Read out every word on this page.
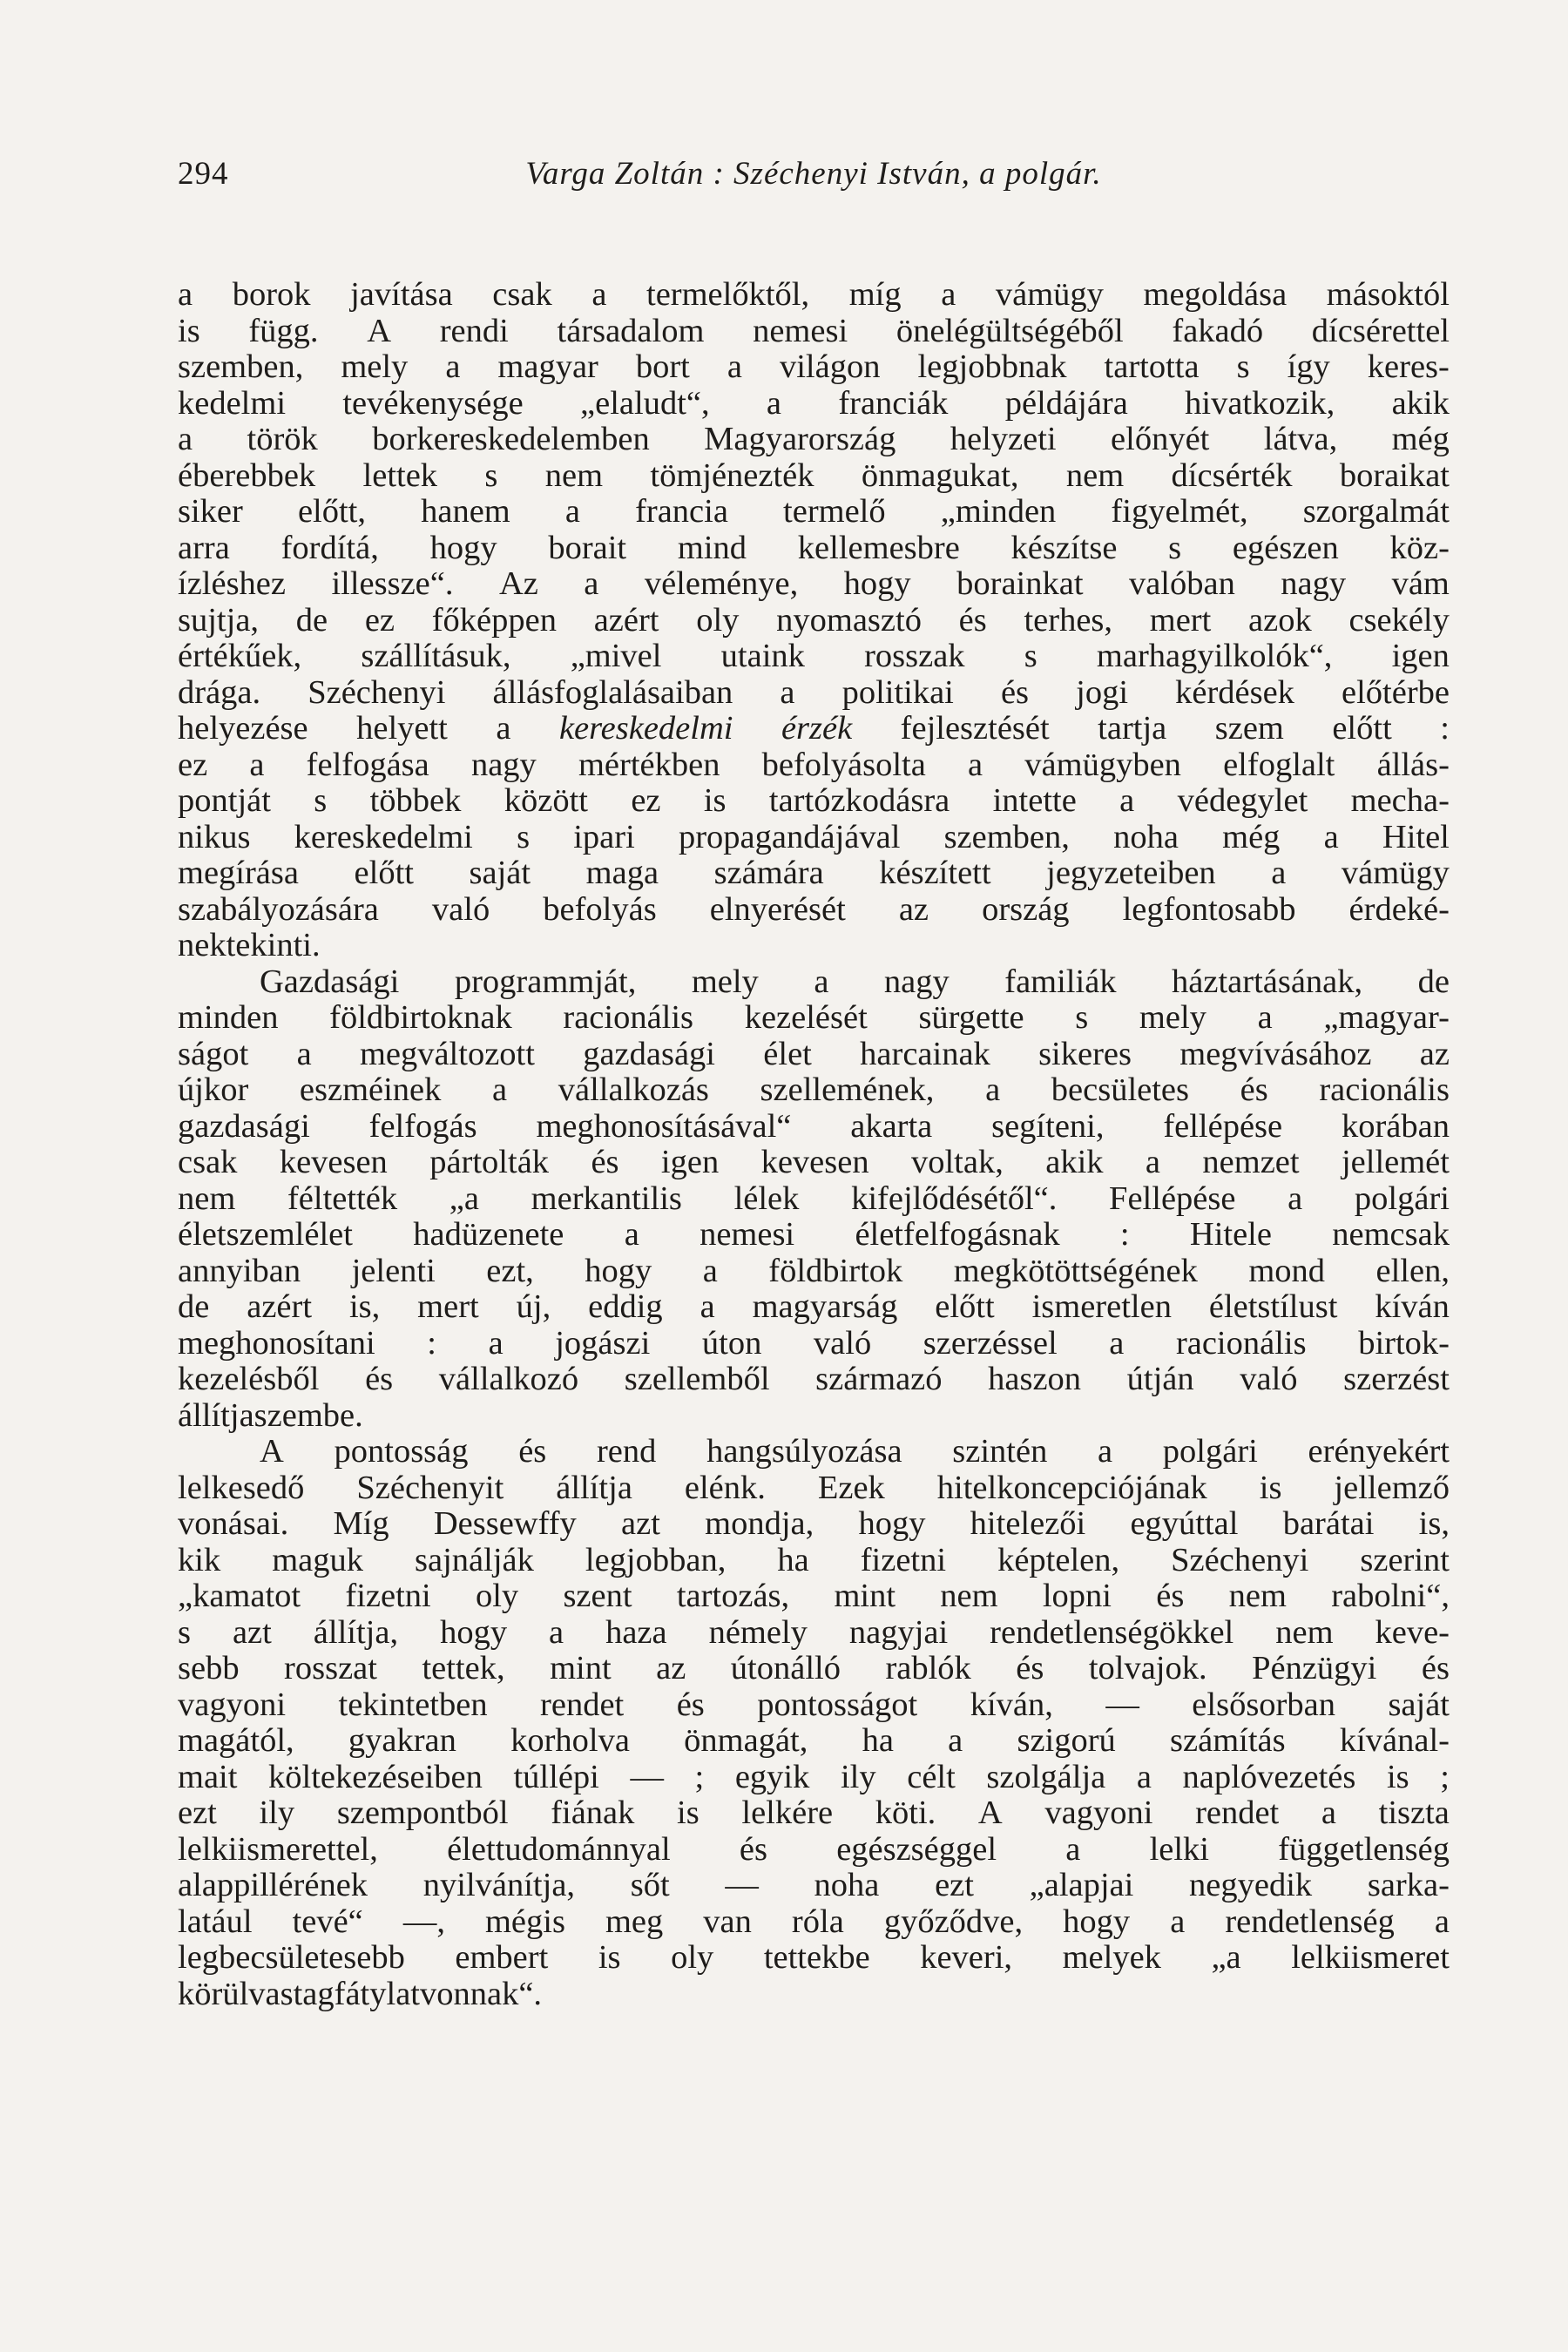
294	Varga Zoltán : Széchenyi István, a polgár.
a borok javítása csak a termelőktől, míg a vámügy megoldása másoktól
is függ. A rendi társadalom nemesi önelégültségéből fakadó dícsérettel
szemben, mely a magyar bort a világon legjobbnak tartotta s így keres-
kedelmi tevékenysége „elaludt“, a franciák példájára hivatkozik, akik
a török borkereskedelemben Magyarország helyzeti előnyét látva, még
éberebbek lettek s nem tömjénezték önmagukat, nem dícsérték boraikat
siker előtt, hanem a francia termelő „minden figyelmét, szorgalmát
arra fordítá, hogy borait mind kellemesbre készítse s egészen köz-
ízléshez illessze“. Az a véleménye, hogy borainkat valóban nagy vám
sujtja, de ez főképpen azért oly nyomasztó és terhes, mert azok csekély
értékűek, szállításuk, „mivel utaink rosszak s marhagyilkolók“, igen
drága. Széchenyi állásfoglalásaiban a politikai és jogi kérdések előtérbe
helyezése helyett a kereskedelmi érzék fejlesztését tartja szem előtt :
ez a felfogása nagy mértékben befolyásolta a vámügyben elfoglalt állás-
pontját s többek között ez is tartózkodásra intette a védegylet mecha-
nikus kereskedelmi s ipari propagandájával szemben, noha még a Hitel
megírása előtt saját maga számára készített jegyzeteiben a vámügy
szabályozására való befolyás elnyerését az ország legfontosabb érdeké-
nek tekinti.
Gazdasági programmját, mely a nagy familiák háztartásának, de
minden földbirtoknak racionális kezelését sürgette s mely a „magyar-
ságot a megváltozott gazdasági élet harcainak sikeres megvívásához az
újkor eszméinek a vállalkozás szellemének, a becsületes és racionális
gazdasági felfogás meghonosításával“ akarta segíteni, fellépése korában
csak kevesen pártolták és igen kevesen voltak, akik a nemzet jellemét
nem féltették „a merkantilis lélek kifejlődésétől“. Fellépése a polgári
életszemlélet hadüzenete a nemesi életfelfogásnak : Hitele nemcsak
annyiban jelenti ezt, hogy a földbirtok megkötöttségének mond ellen,
de azért is, mert új, eddig a magyarság előtt ismeretlen életstílust kíván
meghonosítani : a jogászi úton való szerzéssel a racionális birtok-
kezelésből és vállalkozó szellemből származó haszon útján való szerzést
állítja szembe.
A pontosság és rend hangsúlyozása szintén a polgári erényekért
lelkesedő Széchenyit állítja elénk. Ezek hitelkoncepciójának is jellemző
vonásai. Míg Dessewffy azt mondja, hogy hitelezői egyúttal barátai is,
kik maguk sajnálják legjobban, ha fizetni képtelen, Széchenyi szerint
„kamatot fizetni oly szent tartozás, mint nem lopni és nem rabolni“,
s azt állítja, hogy a haza némely nagyjai rendetlenségökkel nem keve-
sebb rosszat tettek, mint az útonálló rablók és tolvajok. Pénzügyi és
vagyoni tekintetben rendet és pontosságot kíván, — elsősorban saját
magától, gyakran korholva önmagát, ha a szigorú számítás kívánal-
mait költekezéseiben túllépi — ; egyik ily célt szolgálja a naplóvezetés is ;
ezt ily szempontból fiának is lelkére köti. A vagyoni rendet a tiszta
lelkiismerettel, élettudománnyal és egészséggel a lelki függetlenség
alappillérének nyilvánítja, sőt — noha ezt „alapjai negyedik sarka-
latául tevé“ —, mégis meg van róla győződve, hogy a rendetlenség a
legbecsületesebb embert is oly tettekbe keveri, melyek „a lelkiismeret
körül vastag fátylat vonnak“.
